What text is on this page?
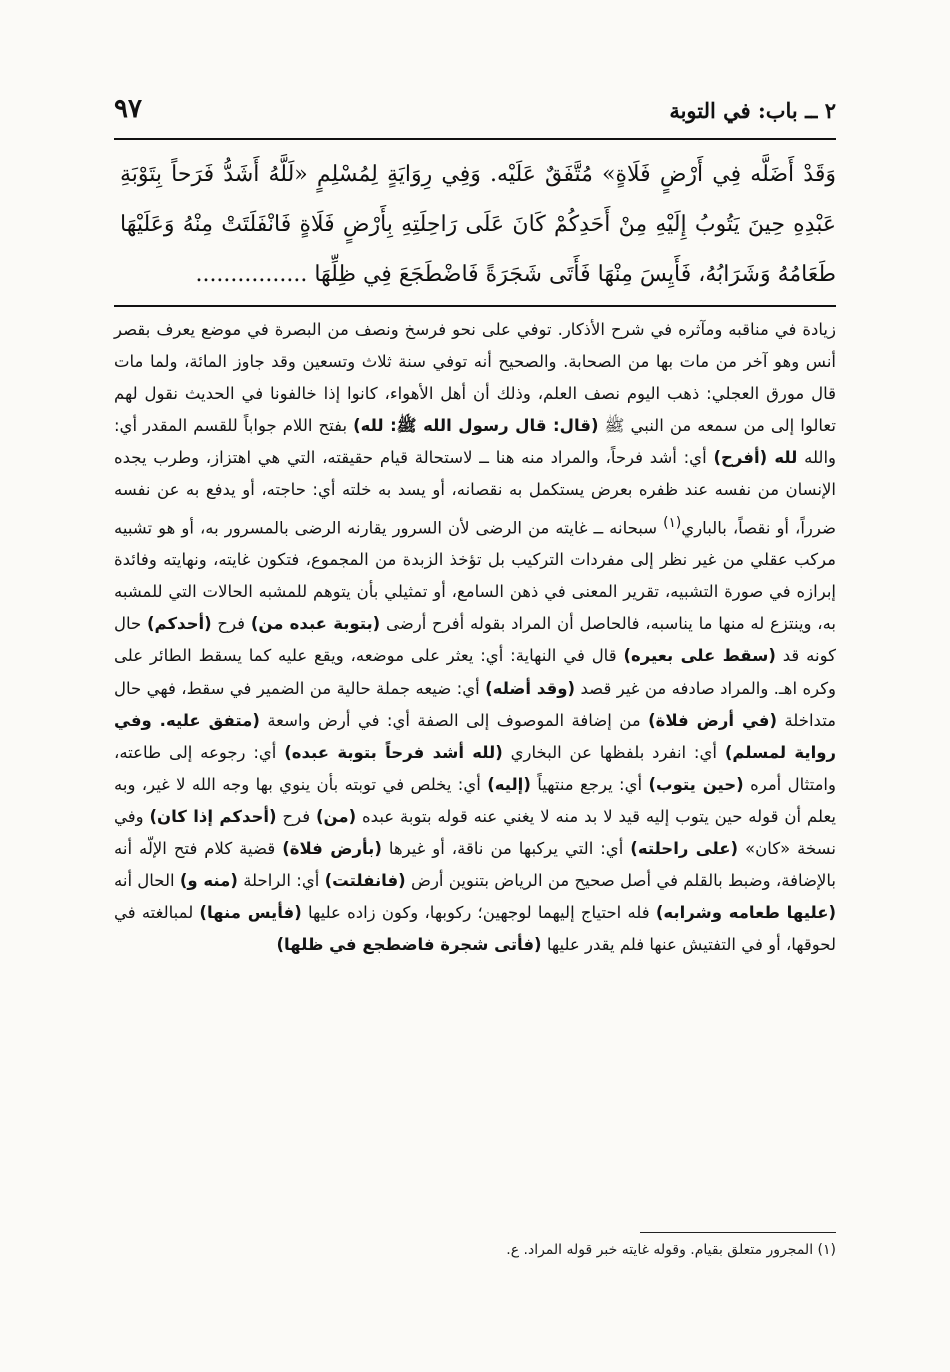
٢ ــ باب: في التوبة
٩٧
وَقَدْ أَضَلَّه فِي أَرْضٍ فَلَاةٍ» مُتَّفَقٌ عَلَيْه. وَفِي رِوَايَةٍ لِمُسْلِمٍ «لَلَّهُ أَشَدُّ فَرَحاً بِتَوْبَةِ عَبْدِهِ حِينَ يَتُوبُ إِلَيْهِ مِنْ أَحَدِكُمْ كَانَ عَلَى رَاحِلَتِهِ بِأَرْضٍ فَلَاةٍ فَانْفَلَتَتْ مِنْهُ وَعَلَيْهَا طَعَامُهُ وَشَرَابُهُ، فَأَيِسَ مِنْهَا فَأَتَى شَجَرَةً فَاضْطَجَعَ فِي ظِلِّهَا ................
زيادة في مناقبه ومآثره في شرح الأذكار. توفي على نحو فرسخ ونصف من البصرة في موضع يعرف بقصر أنس وهو آخر من مات بها من الصحابة. والصحيح أنه توفي سنة ثلاث وتسعين وقد جاوز المائة، ولما مات قال مورق العجلي: ذهب اليوم نصف العلم، وذلك أن أهل الأهواء، كانوا إذا خالفونا في الحديث نقول لهم تعالوا إلى من سمعه من النبي ﷺ (قال: قال رسول الله ﷺ: لله) بفتح اللام جواباً للقسم المقدر أي: والله لله (أفرح) أي: أشد فرحاً، والمراد منه هنا ــ لاستحالة قيام حقيقته، التي هي اهتزاز، وطرب يجده الإنسان من نفسه عند ظفره بعرض يستكمل به نقصانه، أو يسد به خلته أي: حاجته، أو يدفع به عن نفسه ضرراً، أو نقصاً، بالباري$^{(١)}$ سبحانه ــ غايته من الرضى لأن السرور يقارنه الرضى بالمسرور به، أو هو تشبيه مركب عقلي من غير نظر إلى مفردات التركيب بل تؤخذ الزبدة من المجموع، فتكون غايته، ونهايته وفائدة إبرازه في صورة التشبيه، تقرير المعنى في ذهن السامع، أو تمثيلي بأن يتوهم للمشبه الحالات التي للمشبه به، وينتزع له منها ما يناسبه، فالحاصل أن المراد بقوله أفرح أرضى (بتوبة عبده من) فرح (أحدكم) حال كونه قد (سقط على بعيره) قال في النهاية: أي: يعثر على موضعه، ويقع عليه كما يسقط الطائر على وكره اهـ. والمراد صادفه من غير قصد (وقد أضله) أي: ضيعه جملة حالية من الضمير في سقط، فهي حال متداخلة (في أرض فلاة) من إضافة الموصوف إلى الصفة أي: في أرض واسعة (متفق عليه. وفي رواية لمسلم) أي: انفرد بلفظها عن البخاري (لله أشد فرحاً بتوبة عبده) أي: رجوعه إلى طاعته، وامتثال أمره (حين يتوب) أي: يرجع منتهياً (إليه) أي: يخلص في توبته بأن ينوي بها وجه الله لا غير، وبه يعلم أن قوله حين يتوب إليه قيد لا بد منه لا يغني عنه قوله بتوبة عبده (من) فرح (أحدكم إذا كان) وفي نسخة «كان» (على راحلته) أي: التي يركبها من ناقة، أو غيرها (بأرض فلاة) قضية كلام فتح الإلّه أنه بالإضافة، وضبط بالقلم في أصل صحيح من الرياض بتنوين أرض (فانفلتت) أي: الراحلة (منه و) الحال أنه (عليها طعامه وشرابه) فله احتياج إليهما لوجهين؛ ركوبها، وكون زاده عليها (فأيس منها) لمبالغته في لحوقها، أو في التفتيش عنها فلم يقدر عليها (فأتى شجرة فاضطجع في ظلها)
(١) المجرور متعلق بقيام. وقوله غايته خبر قوله المراد. ع.
